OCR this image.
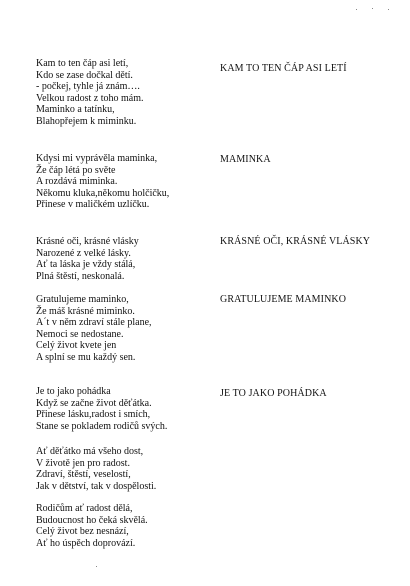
KAM TO TEN ČÁP ASI LETÍ
Kam to ten čáp asi letí,
Kdo se zase dočkal dětí.
- počkej, tyhle já znám….
Velkou radost z toho mám.
Maminko a tatínku,
Blahopřejem k miminku.
MAMINKA
Kdysi mi vyprávěla maminka,
Že čáp létá po světe
A rozdává miminka.
Někomu kluka,někomu holčičku,
Přinese v maličkém uzlíčku.
KRÁSNÉ OČI, KRÁSNÉ VLÁSKY
Krásné oči, krásné vlásky
Narozené z velké lásky.
Ať ta láska je vždy stálá,
Plná štěstí, neskonalá.
GRATULUJEME MAMINKO
Gratulujeme maminko,
Že máš krásné miminko.
A´t v něm zdraví stále plane,
Nemoci se nedostane.
Celý život kvete jen
A splní se mu každý sen.
JE TO JAKO POHÁDKA
Je to jako pohádka
Když se začne život děťátka.
Přinese lásku,radost i smích,
Stane se pokladem rodičů svých.
Ať děťátko má všeho dost,
V životě jen pro radost.
Zdraví, štěstí, veselostí,
Jak v dětství, tak v dospělosti.
Rodičům ať radost dělá,
Budoucnost ho čeká skvělá.
Celý život bez nesnází,
Ať ho úspěch doprovází.
